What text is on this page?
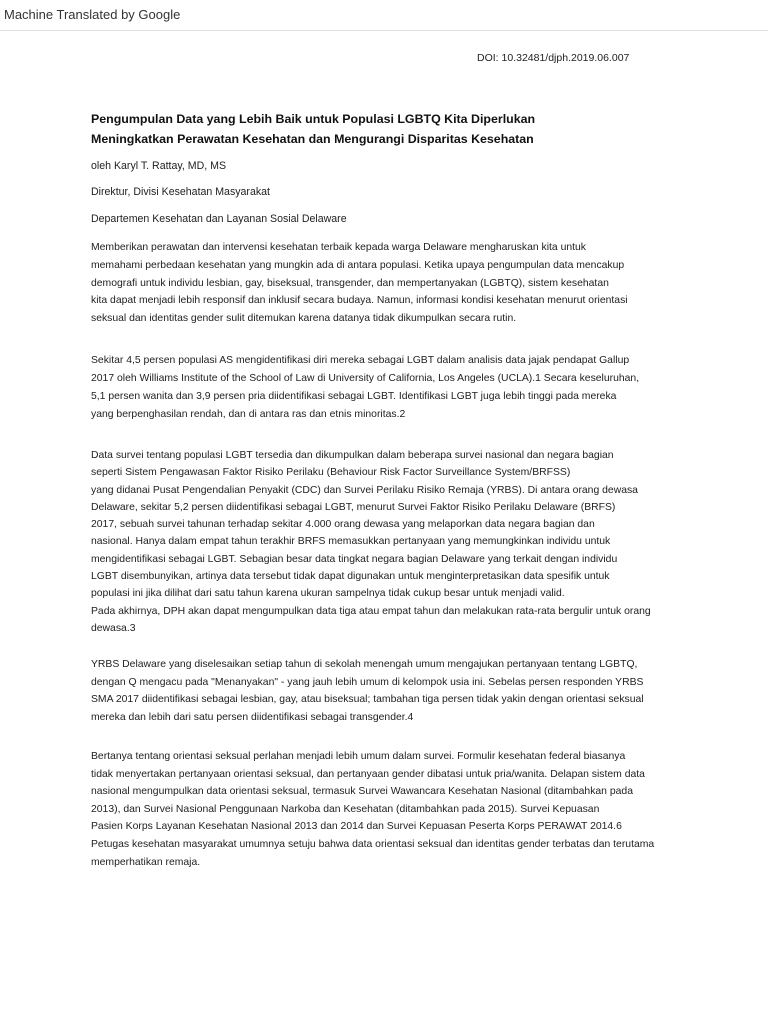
Machine Translated by Google
DOI: 10.32481/djph.2019.06.007
Pengumpulan Data yang Lebih Baik untuk Populasi LGBTQ Kita Diperlukan
Meningkatkan Perawatan Kesehatan dan Mengurangi Disparitas Kesehatan
oleh Karyl T. Rattay, MD, MS
Direktur, Divisi Kesehatan Masyarakat
Departemen Kesehatan dan Layanan Sosial Delaware
Memberikan perawatan dan intervensi kesehatan terbaik kepada warga Delaware mengharuskan kita untuk
memahami perbedaan kesehatan yang mungkin ada di antara populasi. Ketika upaya pengumpulan data mencakup
demografi untuk individu lesbian, gay, biseksual, transgender, dan mempertanyakan (LGBTQ), sistem kesehatan
kita dapat menjadi lebih responsif dan inklusif secara budaya. Namun, informasi kondisi kesehatan menurut orientasi
seksual dan identitas gender sulit ditemukan karena datanya tidak dikumpulkan secara rutin.
Sekitar 4,5 persen populasi AS mengidentifikasi diri mereka sebagai LGBT dalam analisis data jajak pendapat Gallup
2017 oleh Williams Institute of the School of Law di University of California, Los Angeles (UCLA).1 Secara keseluruhan,
5,1 persen wanita dan 3,9 persen pria diidentifikasi sebagai LGBT. Identifikasi LGBT juga lebih tinggi pada mereka
yang berpenghasilan rendah, dan di antara ras dan etnis minoritas.2
Data survei tentang populasi LGBT tersedia dan dikumpulkan dalam beberapa survei nasional dan negara bagian
seperti Sistem Pengawasan Faktor Risiko Perilaku (Behaviour Risk Factor Surveillance System/BRFSS)
yang didanai Pusat Pengendalian Penyakit (CDC) dan Survei Perilaku Risiko Remaja (YRBS). Di antara orang dewasa
Delaware, sekitar 5,2 persen diidentifikasi sebagai LGBT, menurut Survei Faktor Risiko Perilaku Delaware (BRFS)
2017, sebuah survei tahunan terhadap sekitar 4.000 orang dewasa yang melaporkan data negara bagian dan
nasional. Hanya dalam empat tahun terakhir BRFS memasukkan pertanyaan yang memungkinkan individu untuk
mengidentifikasi sebagai LGBT. Sebagian besar data tingkat negara bagian Delaware yang terkait dengan individu
LGBT disembunyikan, artinya data tersebut tidak dapat digunakan untuk menginterpretasikan data spesifik untuk
populasi ini jika dilihat dari satu tahun karena ukuran sampelnya tidak cukup besar untuk menjadi valid.
Pada akhirnya, DPH akan dapat mengumpulkan data tiga atau empat tahun dan melakukan rata-rata bergulir untuk orang
dewasa.3
YRBS Delaware yang diselesaikan setiap tahun di sekolah menengah umum mengajukan pertanyaan tentang LGBTQ,
dengan Q mengacu pada "Menanyakan" - yang jauh lebih umum di kelompok usia ini. Sebelas persen responden YRBS
SMA 2017 diidentifikasi sebagai lesbian, gay, atau biseksual; tambahan tiga persen tidak yakin dengan orientasi seksual
mereka dan lebih dari satu persen diidentifikasi sebagai transgender.4
Bertanya tentang orientasi seksual perlahan menjadi lebih umum dalam survei. Formulir kesehatan federal biasanya
tidak menyertakan pertanyaan orientasi seksual, dan pertanyaan gender dibatasi untuk pria/wanita. Delapan sistem data
nasional mengumpulkan data orientasi seksual, termasuk Survei Wawancara Kesehatan Nasional (ditambahkan pada
2013), dan Survei Nasional Penggunaan Narkoba dan Kesehatan (ditambahkan pada 2015). Survei Kepuasan
Pasien Korps Layanan Kesehatan Nasional 2013 dan 2014 dan Survei Kepuasan Peserta Korps PERAWAT 2014.6
Petugas kesehatan masyarakat umumnya setuju bahwa data orientasi seksual dan identitas gender terbatas dan terutama
memperhatikan remaja.
